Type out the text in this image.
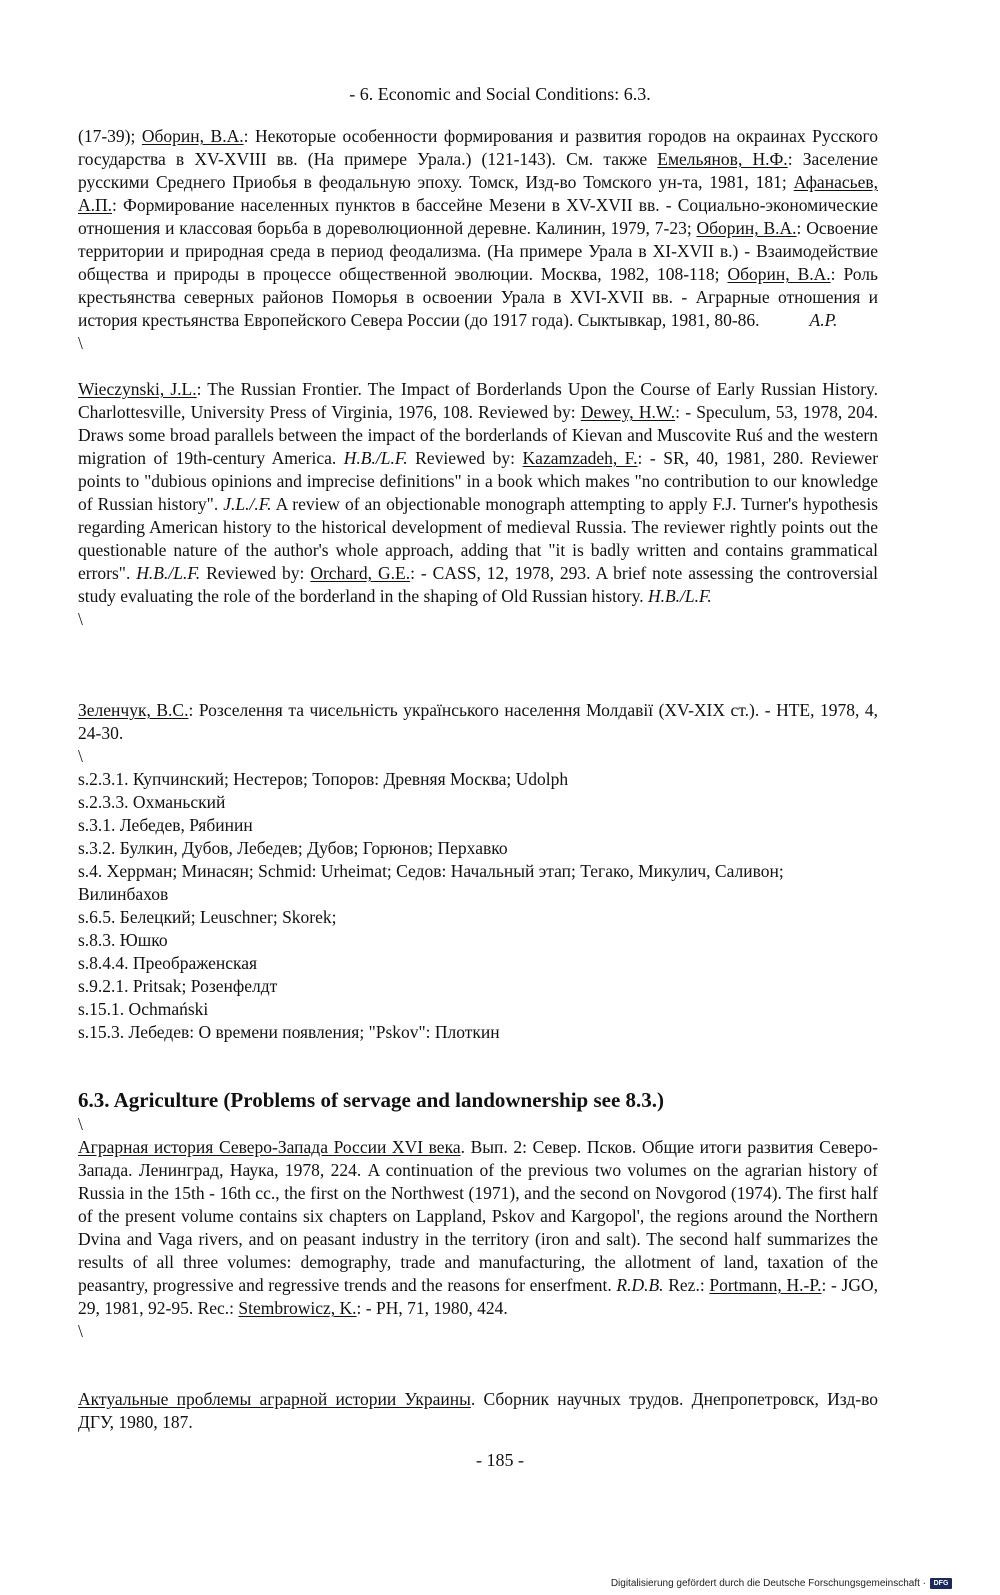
- 6. Economic and Social Conditions: 6.3.

(17-39); Оборин, В.А.: Некоторые особенности формирования и развития городов на окраинах Русского государства в XV-XVIII вв. (На примере Урала.) (121-143). См. также Емельянов, Н.Ф.: Заселение русскими Среднего Приобья в феодальную эпоху. Томск, Изд-во Томского ун-та, 1981, 181; Афанасьев, А.П.: Формирование населенных пунктов в бассейне Мезени в XV-XVII вв. - Социально-экономические отношения и классовая борьба в дореволюционной деревне. Калинин, 1979, 7-23; Оборин, В.А.: Освоение территории и природная среда в период феодализма. (На примере Урала в XI-XVII в.) - Взаимодействие общества и природы в процессе общественной эволюции. Москва, 1982, 108-118; Оборин, В.А.: Роль крестьянства северных районов Поморья в освоении Урала в XVI-XVII вв. - Аграрные отношения и история крестьянства Европейского Севера России (до 1917 года). Сыктывкар, 1981, 80-86.	A.P.

\

Wieczynski, J.L.: The Russian Frontier. The Impact of Borderlands Upon the Course of Early Russian History. Charlottesville, University Press of Virginia, 1976, 108. Reviewed by: Dewey, H.W.: - Speculum, 53, 1978, 204. Draws some broad parallels between the impact of the borderlands of Kievan and Muscovite Ruś and the western migration of 19th-century America. H.B./L.F. Reviewed by: Kazamzadeh, F.: - SR, 40, 1981, 280. Reviewer points to "dubious opinions and imprecise definitions" in a book which makes "no contribution to our knowledge of Russian history". J.L./.F. A review of an objectionable monograph attempting to apply F.J. Turner's hypothesis regarding American history to the historical development of medieval Russia. The reviewer rightly points out the questionable nature of the author's whole approach, adding that "it is badly written and contains grammatical errors". H.B./L.F. Reviewed by: Orchard, G.E.: - CASS, 12, 1978, 293. A brief note assessing the controversial study evaluating the role of the borderland in the shaping of Old Russian history. H.B./L.F.

\

Зеленчук, В.С.: Розселення та чисельність українського населення Молдавії (XV-XIX ст.). - НТЕ, 1978, 4, 24-30.

\

s.2.3.1. Купчинский; Нестеров; Топоров: Древняя Москва; Udolph

s.2.3.3. Охманьский

s.3.1. Лебедев, Рябинин

s.3.2. Булкин, Дубов, Лебедев; Дубов; Горюнов; Перхавко

s.4. Херрман; Минасян; Schmid: Urheimat; Седов: Начальный этап; Тегако, Микулич, Саливон; Вилинбахов

s.6.5. Белецкий; Leuschner; Skorek;

s.8.3. Юшко

s.8.4.4. Преображенская

s.9.2.1. Pritsak; Розенфелдт

s.15.1. Ochmański

s.15.3. Лебедев: О времени появления; "Pskov": Плоткин

6.3. Agriculture (Problems of servage and landownership see 8.3.)
\

Аграрная история Северо-Запада России XVI века. Вып. 2: Север. Псков. Общие итоги развития Северо-Запада. Ленинград, Наука, 1978, 224. A continuation of the previous two volumes on the agrarian history of Russia in the 15th - 16th cc., the first on the Northwest (1971), and the second on Novgorod (1974). The first half of the present volume contains six chapters on Lappland, Pskov and Kargopol', the regions around the Northern Dvina and Vaga rivers, and on peasant industry in the territory (iron and salt). The second half summarizes the results of all three volumes: demography, trade and manufacturing, the allotment of land, taxation of the peasantry, progressive and regressive trends and the reasons for enserfment. R.D.B. Rez.: Portmann, H.-P.: - JGO, 29, 1981, 92-95. Rec.: Stembrowicz, K.: - PH, 71, 1980, 424.

\

Актуальные проблемы аграрной истории Украины. Сборник научных трудов. Днепропетровск, Изд-во ДГУ, 1980, 187.

- 185 -
Digitalisierung gefördert durch die Deutsche Forschungsgemeinschaft ·	DFG
